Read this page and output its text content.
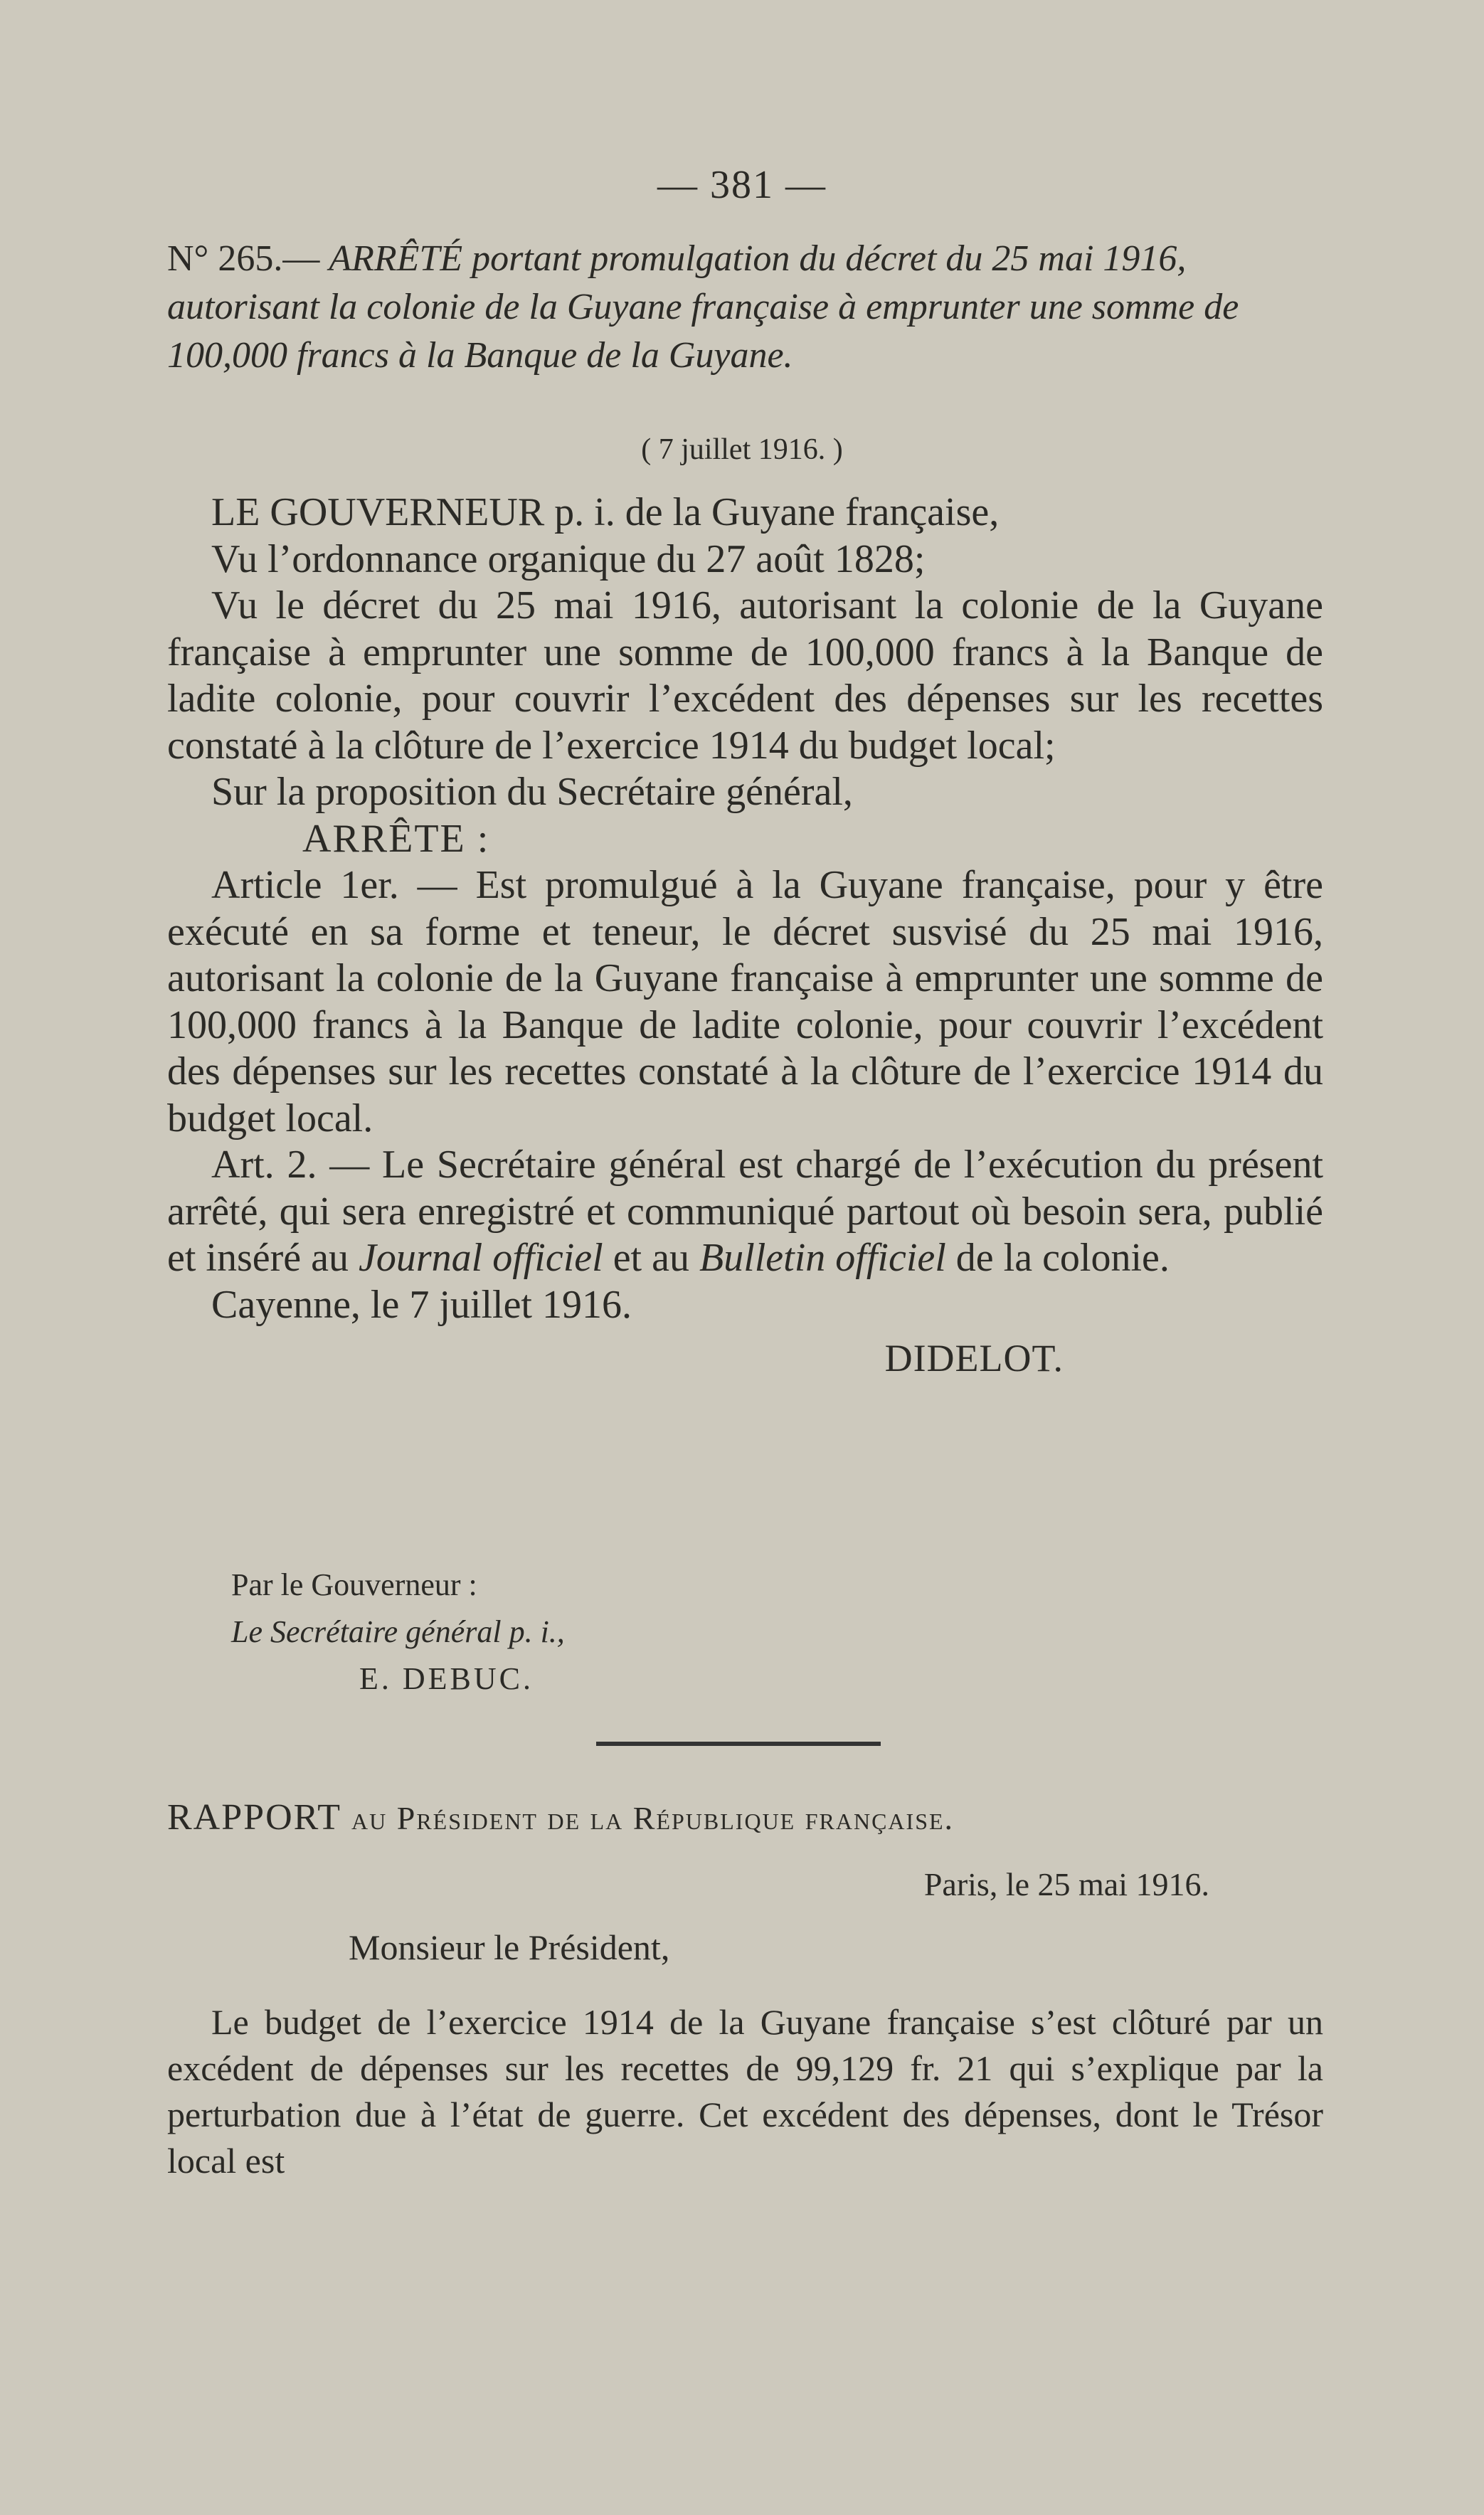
— 381 —
N° 265.— ARRÊTÉ portant promulgation du décret du 25 mai 1916, autorisant la colonie de la Guyane française à emprunter une somme de 100,000 francs à la Banque de la Guyane.
( 7 juillet 1916. )

LE GOUVERNEUR p. i. de la Guyane française,

Vu l’ordonnance organique du 27 août 1828;

Vu le décret du 25 mai 1916, autorisant la colonie de la Guyane française à emprunter une somme de 100,000 francs à la Banque de ladite colonie, pour couvrir l’excédent des dépenses sur les recettes constaté à la clôture de l’exercice 1914 du budget local;

Sur la proposition du Secrétaire général,

ARRÊTE :

Article 1er. — Est promulgué à la Guyane française, pour y être exécuté en sa forme et teneur, le décret susvisé du 25 mai 1916, autorisant la colonie de la Guyane française à emprunter une somme de 100,000 francs à la Banque de ladite colonie, pour couvrir l’excédent des dépenses sur les recettes constaté à la clôture de l’exercice 1914 du budget local.

Art. 2. — Le Secrétaire général est chargé de l’exécution du présent arrêté, qui sera enregistré et communiqué partout où besoin sera, publié et inséré au Journal officiel et au Bulletin officiel de la colonie.

Cayenne, le 7 juillet 1916.

DIDELOT.

Par le Gouverneur :
Le Secrétaire général p. i.,
E. DEBUC.
RAPPORT au Président de la République française.
Paris, le 25 mai 1916.
Monsieur le Président,

Le budget de l’exercice 1914 de la Guyane française s’est clôturé par un excédent de dépenses sur les recettes de 99,129 fr. 21 qui s’explique par la perturbation due à l’état de guerre. Cet excédent des dépenses, dont le Trésor local est
